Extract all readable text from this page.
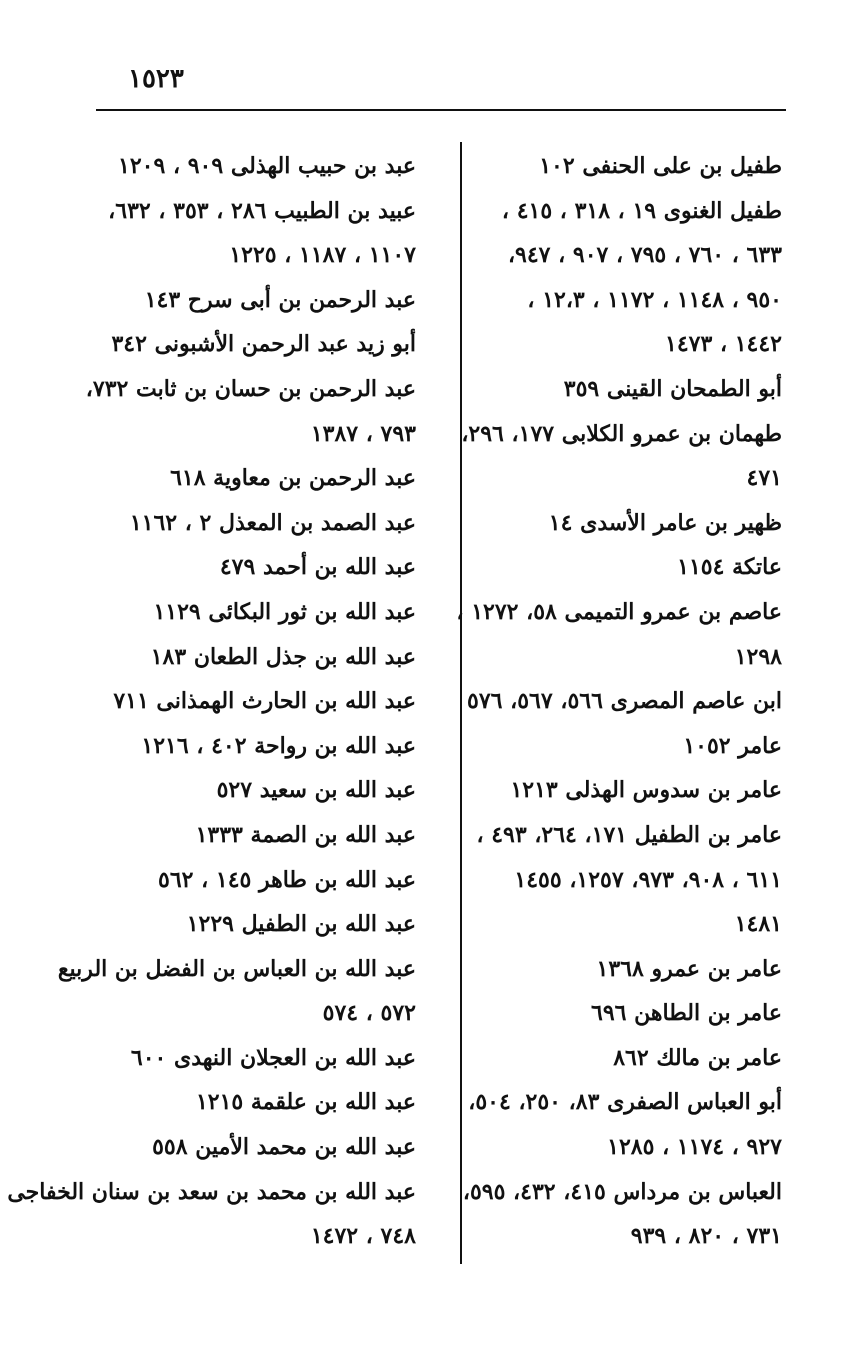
١٥٢٣
طفيل بن على الحنفى ١٠٢
طفيل الغنوى ١٩ ، ٣١٨ ، ٤١٥ ،
٦٣٣ ، ٧٦٠ ، ٧٩٥ ، ٩٠٧ ، ٩٤٧،
٩٥٠ ، ١١٤٨ ، ١١٧٢ ، ١٢،٣ ،
١٤٤٢ ، ١٤٧٣
أبو الطمحان القينى ٣٥٩
طهمان بن عمرو الكلابى ١٧٧، ٢٩٦،
٤٧١
ظهير بن عامر الأسدى ١٤
عاتكة ١١٥٤
عاصم بن عمرو التميمى ٥٨، ١٢٧٢ ،
١٢٩٨
ابن عاصم المصرى ٥٦٦، ٥٦٧، ٥٧٦
عامر ١٠٥٢
عامر بن سدوس الهذلى ١٢١٣
عامر بن الطفيل ١٧١، ٢٦٤، ٤٩٣ ،
٦١١ ، ٩٠٨، ٩٧٣، ١٢٥٧، ١٤٥٥
١٤٨١
عامر بن عمرو ١٣٦٨
عامر بن الطاهن ٦٩٦
عامر بن مالك ٨٦٢
أبو العباس الصفرى ٨٣، ٢٥٠، ٥٠٤،
٩٢٧ ، ١١٧٤ ، ١٢٨٥
العباس بن مرداس ٤١٥، ٤٣٢، ٥٩٥،
٧٣١ ، ٨٢٠ ، ٩٣٩
عبد بن حبيب الهذلى ٩٠٩ ، ١٢٠٩
عبيد بن الطبيب ٢٨٦ ، ٣٥٣ ، ٦٣٢،
١١٠٧ ، ١١٨٧ ، ١٢٢٥
عبد الرحمن بن أبى سرح ١٤٣
أبو زيد عبد الرحمن الأشبونى ٣٤٢
عبد الرحمن بن حسان بن ثابت ٧٣٢،
٧٩٣ ، ١٣٨٧
عبد الرحمن بن معاوية ٦١٨
عبد الصمد بن المعذل ٢ ، ١١٦٢
عبد الله بن أحمد ٤٧٩
عبد الله بن ثور البكائى ١١٢٩
عبد الله بن جذل الطعان ١٨٣
عبد الله بن الحارث الهمذانى ٧١١
عبد الله بن رواحة ٤٠٢ ، ١٢١٦
عبد الله بن سعيد ٥٢٧
عبد الله بن الصمة ١٣٣٣
عبد الله بن طاهر ١٤٥ ، ٥٦٢
عبد الله بن الطفيل ١٢٢٩
عبد الله بن العباس بن الفضل بن الربيع
٥٧٢ ، ٥٧٤
عبد الله بن العجلان النهدى ٦٠٠
عبد الله بن علقمة ١٢١٥
عبد الله بن محمد الأمين ٥٥٨
عبد الله بن محمد بن سعد بن سنان الخفاجى
٧٤٨ ، ١٤٧٢
